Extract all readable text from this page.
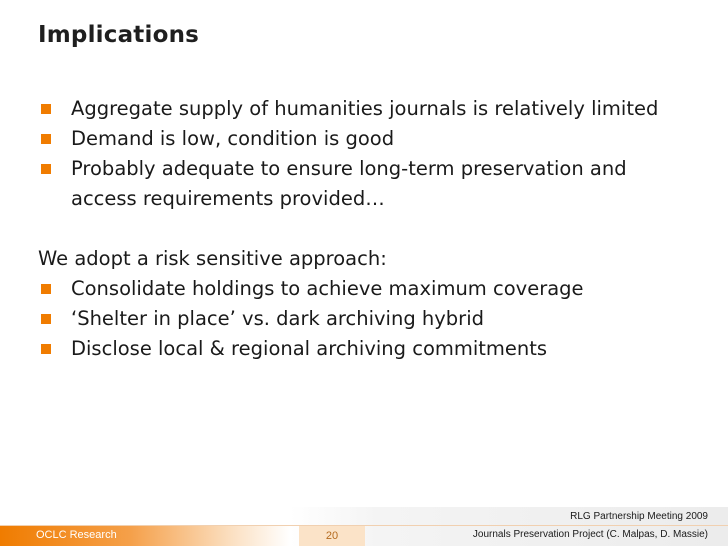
Implications
Aggregate supply of humanities journals is relatively limited
Demand is low, condition is good
Probably adequate to ensure long-term preservation and access requirements provided…
We adopt a risk sensitive approach:
Consolidate holdings to achieve maximum coverage
‘Shelter in place’ vs. dark archiving hybrid
Disclose local & regional archiving commitments
OCLC Research	20
RLG Partnership Meeting 2009
Journals Preservation Project (C. Malpas, D. Massie)
